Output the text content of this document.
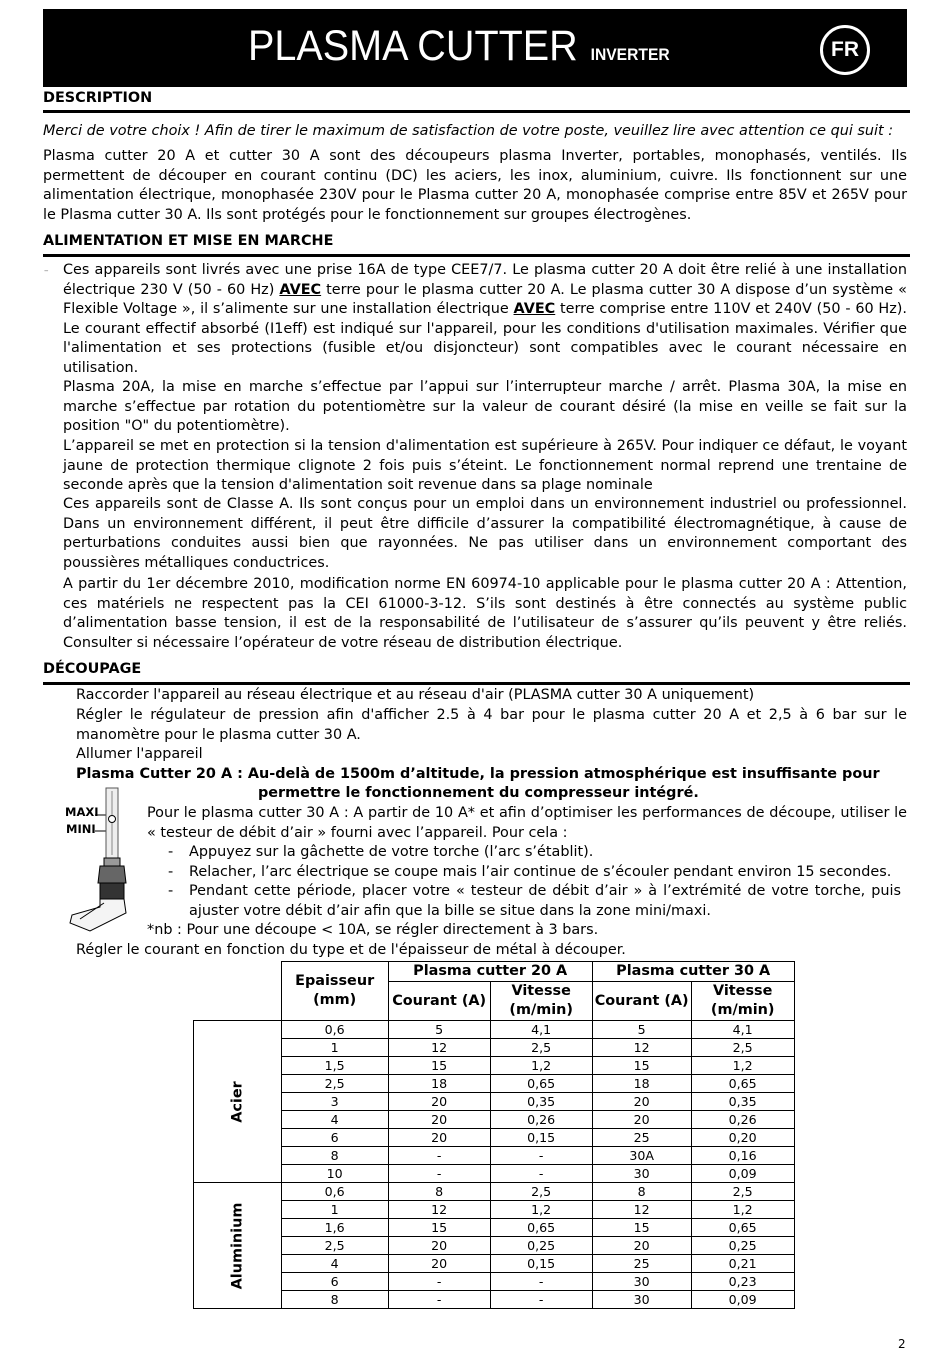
PLASMA CUTTER INVERTER	FR
DESCRIPTION
Merci de votre choix ! Afin de tirer le maximum de satisfaction de votre poste, veuillez lire avec attention ce qui suit :
Plasma cutter 20 A et cutter 30 A sont des découpeurs plasma Inverter, portables, monophasés, ventilés. Ils permettent de découper en courant continu (DC) les aciers, les inox, aluminium, cuivre. Ils fonctionnent sur une alimentation électrique, monophasée 230V pour le Plasma cutter 20 A, monophasée comprise entre 85V et 265V pour le Plasma cutter 30 A. Ils sont protégés pour le fonctionnement sur groupes électrogènes.
ALIMENTATION ET MISE EN MARCHE
– Ces appareils sont livrés avec une prise 16A de type CEE7/7. Le plasma cutter 20 A doit être relié à une installation électrique 230 V (50 - 60 Hz) AVEC terre pour le plasma cutter 20 A. Le plasma cutter 30 A dispose d’un système « Flexible Voltage », il s’alimente sur une installation électrique AVEC terre comprise entre 110V et 240V (50 - 60 Hz). Le courant effectif absorbé (I1eff) est indiqué sur l'appareil, pour les conditions d'utilisation maximales. Vérifier que l'alimentation et ses protections (fusible et/ou disjoncteur) sont compatibles avec le courant nécessaire en utilisation.
Plasma 20A, la mise en marche s’effectue par l’appui sur l’interrupteur marche / arrêt. Plasma 30A, la mise en marche s’effectue par rotation du potentiomètre sur la valeur de courant désiré (la mise en veille se fait sur la position "O" du potentiomètre).
L’appareil se met en protection si la tension d'alimentation est supérieure à 265V. Pour indiquer ce défaut, le voyant jaune de protection thermique clignote 2 fois puis s’éteint. Le fonctionnement normal reprend une trentaine de seconde après que la tension d'alimentation soit revenue dans sa plage nominale
Ces appareils sont de Classe A. Ils sont conçus pour un emploi dans un environnement industriel ou professionnel. Dans un environnement différent, il peut être difficile d’assurer la compatibilité électromagnétique, à cause de perturbations conduites aussi bien que rayonnées. Ne pas utiliser dans un environnement comportant des poussières métalliques conductrices.
A partir du 1er décembre 2010, modification norme EN 60974-10 applicable pour le plasma cutter 20 A : Attention, ces matériels ne respectent pas la CEI 61000-3-12. S’ils sont destinés à être connectés au système public d’alimentation basse tension, il est de la responsabilité de l’utilisateur de s’assurer qu’ils peuvent y être reliés. Consulter si nécessaire l’opérateur de votre réseau de distribution électrique.
DÉCOUPAGE
Raccorder l'appareil au réseau électrique et au réseau d'air (PLASMA cutter 30 A uniquement)
Régler le régulateur de pression afin d'afficher 2.5 à 4 bar pour le plasma cutter 20 A et 2,5 à 6 bar sur le manomètre pour le plasma cutter 30 A.
Allumer l'appareil
Plasma Cutter 20 A : Au-delà de 1500m d’altitude, la pression atmosphérique est insuffisante pour
permettre le fonctionnement du compresseur intégré.
MAXI
MINI
Pour le plasma cutter 30 A : A partir de 10 A* et afin d’optimiser les performances de découpe, utiliser le « testeur de débit d’air » fourni avec l’appareil. Pour cela :
- Appuyez sur la gâchette de votre torche (l’arc s’établit).
- Relacher, l’arc électrique se coupe mais l’air continue de s’écouler pendant environ 15 secondes.
- Pendant cette période, placer votre « testeur de débit d’air » à l’extrémité de votre torche, puis ajuster votre débit d’air afin que la bille se situe dans la zone mini/maxi.
*nb : Pour une découpe < 10A, se régler directement à 3 bars.
Régler le courant en fonction du type et de l'épaisseur de métal à découper.
	Epaisseur (mm)	Plasma cutter 20 A		Plasma cutter 30 A	
		Courant (A)	Vitesse (m/min)	Courant (A)	Vitesse (m/min)
Acier	0,6	5	4,1	5	4,1
	1	12	2,5	12	2,5
	1,5	15	1,2	15	1,2
	2,5	18	0,65	18	0,65
	3	20	0,35	20	0,35
	4	20	0,26	20	0,26
	6	20	0,15	25	0,20
	8	-	-	30A	0,16
	10	-	-	30	0,09
Aluminium	0,6	8	2,5	8	2,5
	1	12	1,2	12	1,2
	1,6	15	0,65	15	0,65
	2,5	20	0,25	20	0,25
	4	20	0,15	25	0,21
	6	-	-	30	0,23
	8	-	-	30	0,09
2
